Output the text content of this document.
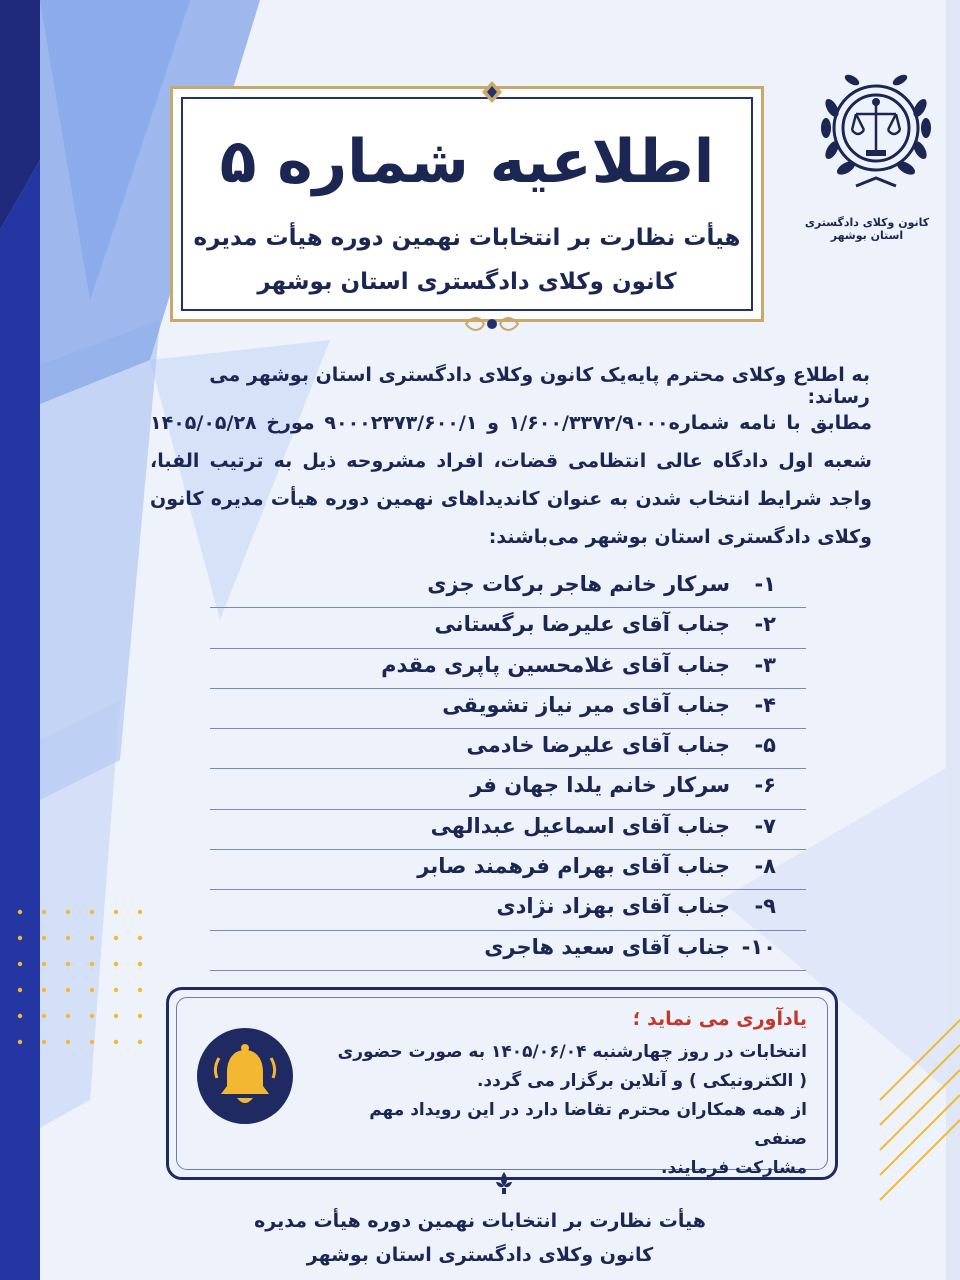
اطلاعیه شماره ۵
هیأت نظارت بر انتخابات نهمین دوره هیأت مدیره
کانون وکلای دادگستری استان بوشهر
کانون وکلای دادگستری استان بوشهر
به اطلاع وکلای محترم پایه‌یک کانون وکلای دادگستری استان بوشهر می رساند:
مطابق با نامه شماره۱/۶۰۰/۳۳۷۲/۹۰۰۰ و ۹۰۰۰۲۳۷۳/۶۰۰/۱ مورخ ۱۴۰۵/۰۵/۲۸ شعبه اول دادگاه عالی انتظامی قضات، افراد مشروحه ذیل به ترتیب الفبا، واجد شرایط انتخاب شدن به عنوان کاندیداهای نهمین دوره هیأت مدیره کانون وکلای دادگستری استان بوشهر می‌باشند:
۱-
سرکار خانم هاجر برکات جزی
۲-
جناب آقای علیرضا برگستانی
۳-
جناب آقای غلامحسین پاپری مقدم
۴-
جناب آقای میر نیاز تشویقی
۵-
جناب آقای علیرضا خادمی
۶-
سرکار خانم یلدا جهان فر
۷-
جناب آقای اسماعیل عبدالهی
۸-
جناب آقای بهرام فرهمند صابر
۹-
جناب آقای بهزاد نژادی
۱۰-
جناب آقای سعید هاجری
یادآوری می نماید ؛
انتخابات در روز چهارشنبه ۱۴۰۵/۰۶/۰۴ به صورت حضوری
( الکترونیکی ) و آنلاین برگزار می گردد.
از همه همکاران محترم تقاضا دارد در این رویداد مهم صنفی
مشارکت فرمایند.
هیأت نظارت بر انتخابات نهمین دوره هیأت مدیره
کانون وکلای دادگستری استان بوشهر
